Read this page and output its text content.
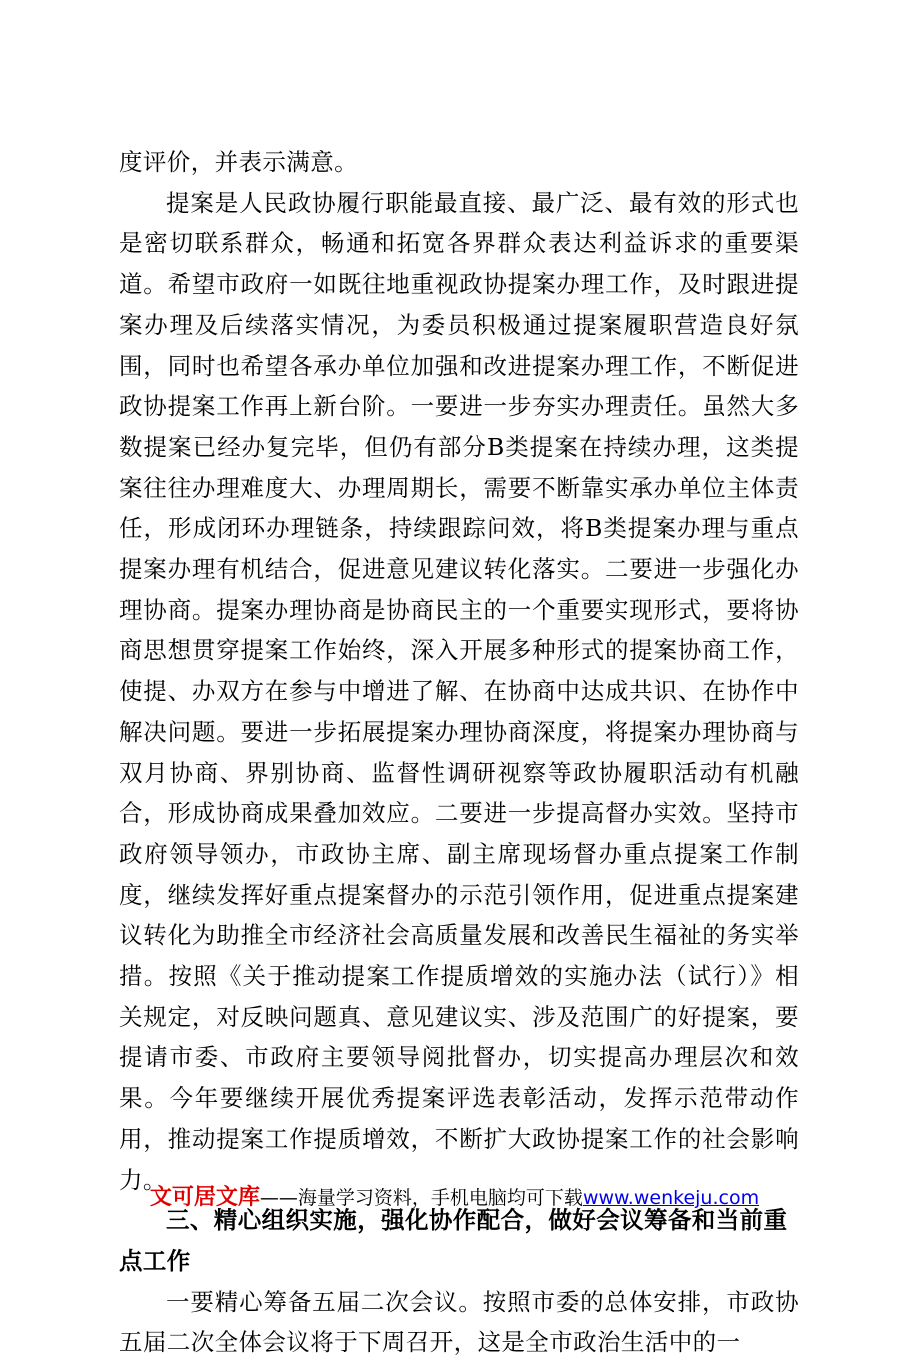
度评价，并表示满意。

提案是人民政协履行职能最直接、最广泛、最有效的形式也是密切联系群众，畅通和拓宽各界群众表达利益诉求的重要渠道。希望市政府一如既往地重视政协提案办理工作，及时跟进提案办理及后续落实情况，为委员积极通过提案履职营造良好氛围，同时也希望各承办单位加强和改进提案办理工作，不断促进政协提案工作再上新台阶。一要进一步夯实办理责任。虽然大多数提案已经办复完毕，但仍有部分B类提案在持续办理，这类提案往往办理难度大、办理周期长，需要不断靠实承办单位主体责任，形成闭环办理链条，持续跟踪问效，将B类提案办理与重点提案办理有机结合，促进意见建议转化落实。二要进一步强化办理协商。提案办理协商是协商民主的一个重要实现形式，要将协商思想贯穿提案工作始终，深入开展多种形式的提案协商工作，使提、办双方在参与中增进了解、在协商中达成共识、在协作中解决问题。要进一步拓展提案办理协商深度，将提案办理协商与双月协商、界别协商、监督性调研视察等政协履职活动有机融合，形成协商成果叠加效应。二要进一步提高督办实效。坚持市政府领导领办，市政协主席、副主席现场督办重点提案工作制度，继续发挥好重点提案督办的示范引领作用，促进重点提案建议转化为助推全市经济社会高质量发展和改善民生福祉的务实举措。按照《关于推动提案工作提质增效的实施办法（试行）》相关规定，对反映问题真、意见建议实、涉及范围广的好提案，要提请市委、市政府主要领导阅批督办，切实提高办理层次和效果。今年要继续开展优秀提案评选表彰活动，发挥示范带动作用，推动提案工作提质增效，不断扩大政协提案工作的社会影响力。

三、精心组织实施，强化协作配合，做好会议筹备和当前重点工作

一要精心筹备五届二次会议。按照市委的总体安排，市政协五届二次全体会议将于下周召开，这是全市政治生活中的一

文可居文库——海量学习资料，手机电脑均可下载www.wenkeju.com
